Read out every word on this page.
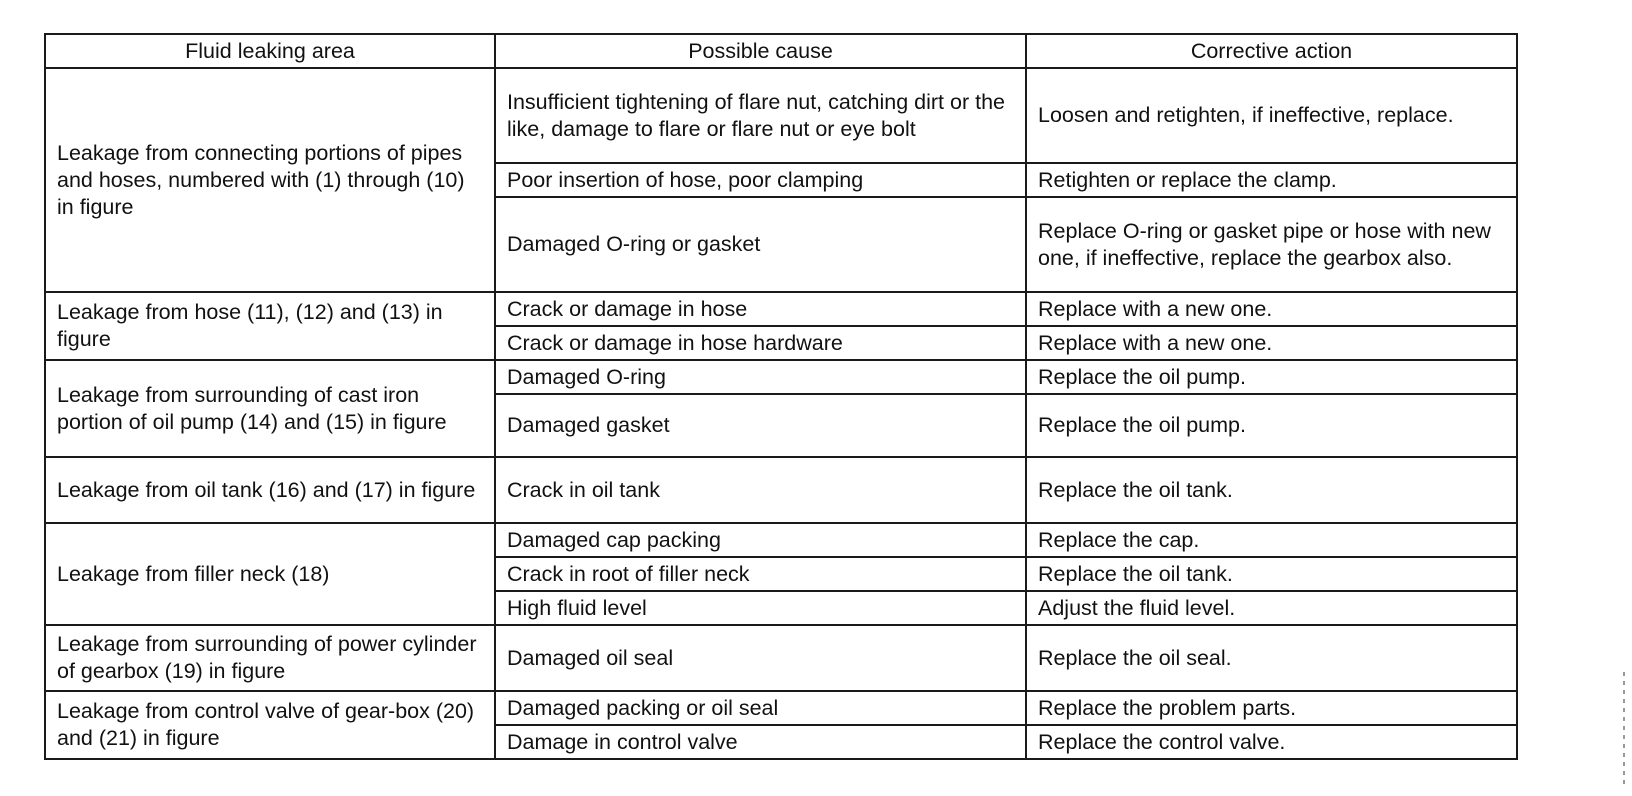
Fluid leaking area	Possible cause	Corrective action
Leakage from connecting portions of pipes and hoses, numbered with (1) through (10) in figure	Insufficient tightening of flare nut, catching dirt or the like, damage to flare or flare nut or eye bolt	Loosen and retighten, if ineffective, replace.
	Poor insertion of hose, poor clamping	Retighten or replace the clamp.
	Damaged O-ring or gasket	Replace O-ring or gasket pipe or hose with new one, if ineffective, replace the gearbox also.
Leakage from hose (11), (12) and (13) in figure	Crack or damage in hose	Replace with a new one.
	Crack or damage in hose hardware	Replace with a new one.
Leakage from surrounding of cast iron portion of oil pump (14) and (15) in figure	Damaged O-ring	Replace the oil pump.
	Damaged gasket	Replace the oil pump.
Leakage from oil tank (16) and (17) in figure	Crack in oil tank	Replace the oil tank.
Leakage from filler neck (18)	Damaged cap packing	Replace the cap.
	Crack in root of filler neck	Replace the oil tank.
	High fluid level	Adjust the fluid level.
Leakage from surrounding of power cylinder of gearbox (19) in figure	Damaged oil seal	Replace the oil seal.
Leakage from control valve of gear-box (20) and (21) in figure	Damaged packing or oil seal	Replace the problem parts.
	Damage in control valve	Replace the control valve.
